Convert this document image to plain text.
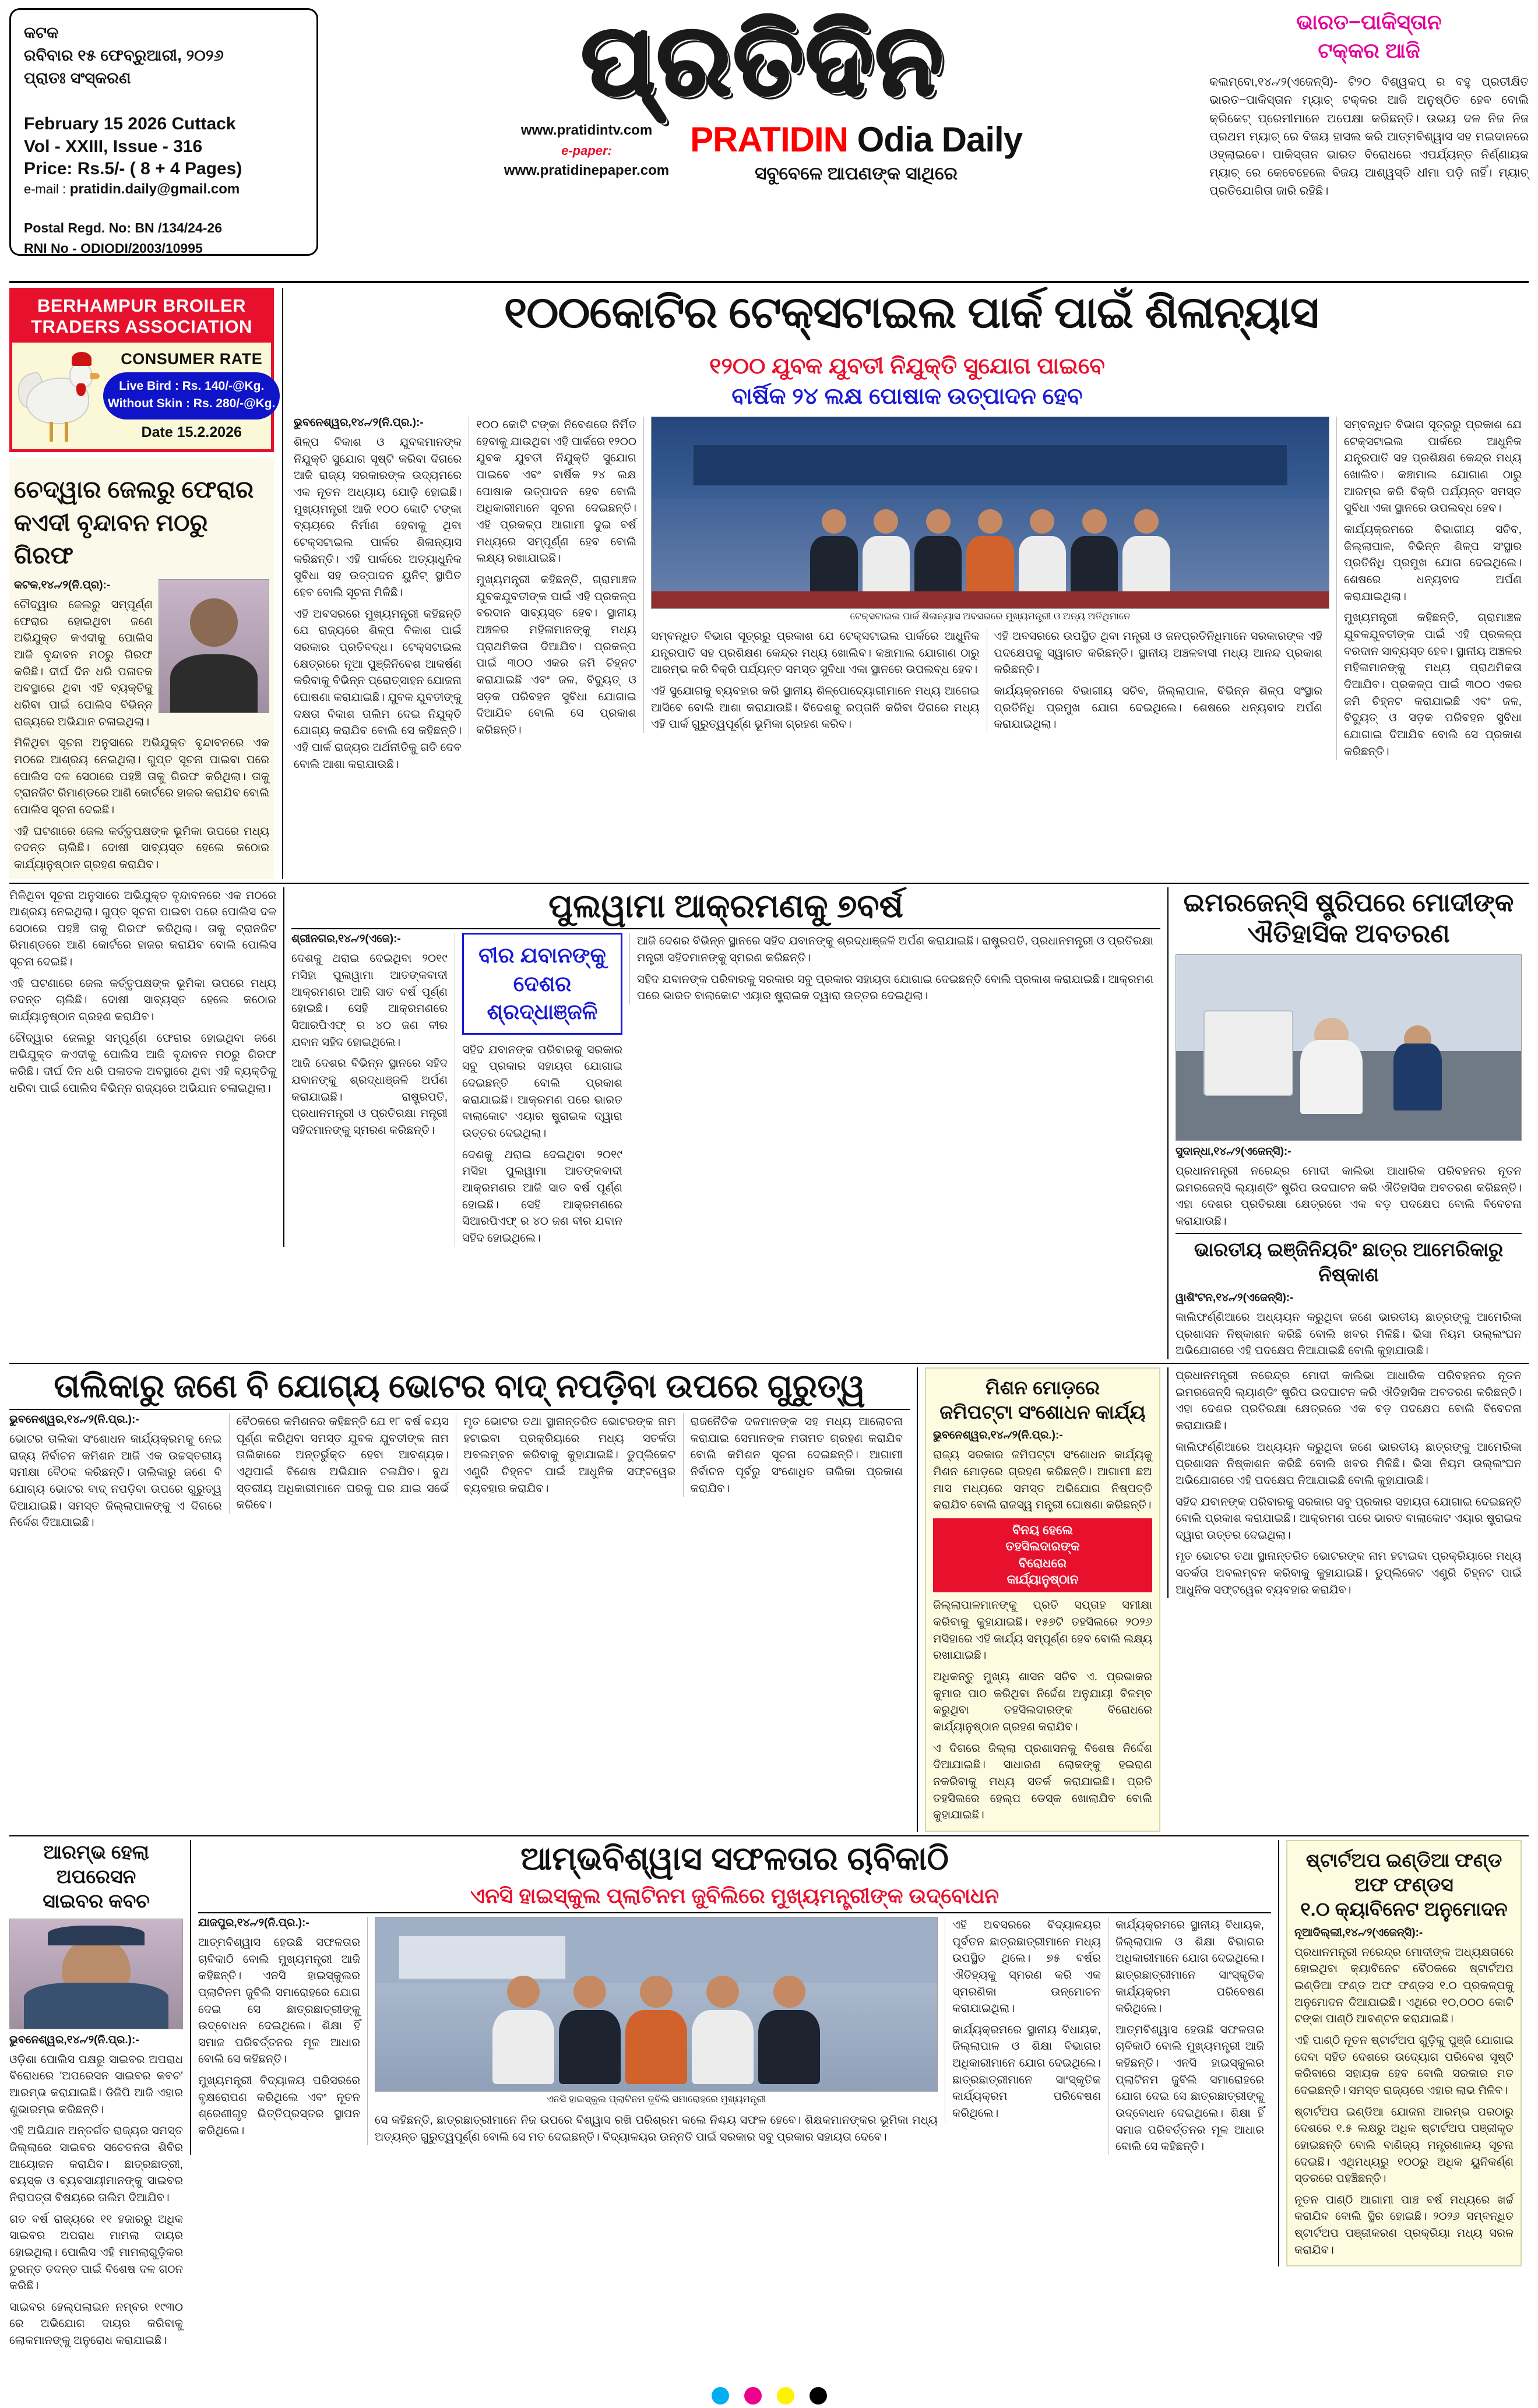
କଟକ
ରବିବାର ୧୫ ଫେବ୍ରୁଆରୀ, ୨୦୨୬
ପ୍ରାତଃ ସଂସ୍କରଣ
February 15 2026 Cuttack
Vol - XXIII, Issue - 316
Price: Rs.5/- ( 8 + 4 Pages)
e-mail : pratidin.daily@gmail.com
Postal Regd. No: BN /134/24-26
RNI No - ODIODI/2003/10995
ପ୍ରତିଦିନ
www.pratidintv.com
e-paper:
www.pratidinepaper.com
PRATIDIN Odia Daily
ସବୁବେଳେ ଆପଣଙ୍କ ସାଥିରେ
ଭାରତ−ପାକିସ୍ତାନ
ଟକ୍କର ଆଜି
କଲମ୍ବୋ,୧୪୷୨(ଏଜେନ୍ସି)- ଟି୨୦ ବିଶ୍ୱକପ୍ ର ବହୁ ପ୍ରତୀକ୍ଷିତ ଭାରତ−ପାକିସ୍ତାନ ମ୍ୟାଚ୍ ଟକ୍କର ଆଜି ଅନୁଷ୍ଠିତ ହେବ ବୋଲି କ୍ରିକେଟ୍ ପ୍ରେମୀମାନେ ଅପେକ୍ଷା କରିଛନ୍ତି। ଉଭୟ ଦଳ ନିଜ ନିଜ ପ୍ରଥମ ମ୍ୟାଚ୍ ରେ ବିଜୟ ହାସଲ କରି ଆତ୍ମବିଶ୍ୱାସ ସହ ମଇଦାନରେ ଓହ୍ଲାଇବେ। ପାକିସ୍ତାନ ଭାରତ ବିରୋଧରେ ଏପର୍ଯ୍ୟନ୍ତ ନିର୍ଣ୍ଣାୟକ ମ୍ୟାଚ୍ ରେ କେବେହେଲେ ବିଜୟ ଆଶ୍ୱସ୍ତି ଧୀମା ପଡ଼ି ନାହିଁ। ମ୍ୟାଚ୍ ପ୍ରତିଯୋଗିତା ଜାରି ରହିଛି।
BERHAMPUR BROILER
TRADERS ASSOCIATION
CONSUMER RATE
Live Bird : Rs. 140/-@Kg.
Without Skin : Rs. 280/-@Kg.
Date 15.2.2026
ଚେଦ୍ୱାର ଜେଲରୁ ଫେରାର କଏଦୀ ବୃନ୍ଦାବନ ମଠରୁ ଗିରଫ
କଟକ,୧୪୷୨(ନି.ପ୍ର):-
ଚୌଦ୍ୱାର ଜେଲରୁ ସମ୍ପୂର୍ଣ୍ଣ ଫେରାର ହୋଇଥିବା ଜଣେ ଅଭିଯୁକ୍ତ କଏଦୀକୁ ପୋଲିସ ଆଜି ବୃନ୍ଦାବନ ମଠରୁ ଗିରଫ କରିଛି। ଦୀର୍ଘ ଦିନ ଧରି ପଳାତକ ଅବସ୍ଥାରେ ଥିବା ଏହି ବ୍ୟକ୍ତିକୁ ଧରିବା ପାଇଁ ପୋଲିସ ବିଭିନ୍ନ ରାଜ୍ୟରେ ଅଭିଯାନ ଚଳାଇଥିଲା।
ମିଳିଥିବା ସୂଚନା ଅନୁସାରେ ଅଭିଯୁକ୍ତ ବୃନ୍ଦାବନରେ ଏକ ମଠରେ ଆଶ୍ରୟ ନେଇଥିଲା। ଗୁପ୍ତ ସୂଚନା ପାଇବା ପରେ ପୋଲିସ ଦଳ ସେଠାରେ ପହଞ୍ଚି ତାକୁ ଗିରଫ କରିଥିଲା। ତାକୁ ଟ୍ରାନଜିଟ ରିମାଣ୍ଡରେ ଆଣି କୋର୍ଟରେ ହାଜର କରାଯିବ ବୋଲି ପୋଲିସ ସୂଚନା ଦେଇଛି।
ଏହି ଘଟଣାରେ ଜେଲ କର୍ତ୍ତୃପକ୍ଷଙ୍କ ଭୂମିକା ଉପରେ ମଧ୍ୟ ତଦନ୍ତ ଚାଲିଛି। ଦୋଷୀ ସାବ୍ୟସ୍ତ ହେଲେ କଠୋର କାର୍ଯ୍ୟାନୁଷ୍ଠାନ ଗ୍ରହଣ କରାଯିବ।
୧୦୦କୋଟିର ଟେକ୍ସଟାଇଲ ପାର୍କ ପାଇଁ ଶିଳାନ୍ୟାସ
୧୨୦୦ ଯୁବକ ଯୁବତୀ ନିଯୁକ୍ତି ସୁଯୋଗ ପାଇବେ
ବାର୍ଷିକ ୨୪ ଲକ୍ଷ ପୋଷାକ ଉତ୍ପାଦନ ହେବ
ଭୁବନେଶ୍ୱର,୧୪୷୨(ନି.ପ୍ର.):-
ଶିଳ୍ପ ବିକାଶ ଓ ଯୁବକମାନଙ୍କ ନିଯୁକ୍ତି ସୁଯୋଗ ସୃଷ୍ଟି କରିବା ଦିଗରେ ଆଜି ରାଜ୍ୟ ସରକାରଙ୍କ ଉଦ୍ୟମରେ ଏକ ନୂତନ ଅଧ୍ୟାୟ ଯୋଡ଼ି ହୋଇଛି। ମୁଖ୍ୟମନ୍ତ୍ରୀ ଆଜି ୧୦୦ କୋଟି ଟଙ୍କା ବ୍ୟୟରେ ନିର୍ମାଣ ହେବାକୁ ଥିବା ଟେକ୍ସଟାଇଲ ପାର୍କର ଶିଳାନ୍ୟାସ କରିଛନ୍ତି। ଏହି ପାର୍କରେ ଅତ୍ୟାଧୁନିକ ସୁବିଧା ସହ ଉତ୍ପାଦନ ୟୁନିଟ୍ ସ୍ଥାପିତ ହେବ ବୋଲି ସୂଚନା ମିଳିଛି।
ଏହି ଅବସରରେ ମୁଖ୍ୟମନ୍ତ୍ରୀ କହିଛନ୍ତି ଯେ ରାଜ୍ୟରେ ଶିଳ୍ପ ବିକାଶ ପାଇଁ ସରକାର ପ୍ରତିବଦ୍ଧ। ଟେକ୍ସଟାଇଲ କ୍ଷେତ୍ରରେ ନୂଆ ପୁଞ୍ଜିନିବେଶ ଆକର୍ଷଣ କରିବାକୁ ବିଭିନ୍ନ ପ୍ରୋତ୍ସାହନ ଯୋଜନା ଘୋଷଣା କରାଯାଇଛି। ଯୁବକ ଯୁବତୀଙ୍କୁ ଦକ୍ଷତା ବିକାଶ ତାଲିମ ଦେଇ ନିଯୁକ୍ତି ଯୋଗ୍ୟ କରାଯିବ ବୋଲି ସେ କହିଛନ୍ତି। ଏହି ପାର୍କ ରାଜ୍ୟର ଅର୍ଥନୀତିକୁ ଗତି ଦେବ ବୋଲି ଆଶା କରାଯାଉଛି।
୧୦୦ କୋଟି ଟଙ୍କା ନିବେଶରେ ନିର୍ମିତ ହେବାକୁ ଯାଉଥିବା ଏହି ପାର୍କରେ ୧୨୦୦ ଯୁବକ ଯୁବତୀ ନିଯୁକ୍ତି ସୁଯୋଗ ପାଇବେ ଏବଂ ବାର୍ଷିକ ୨୪ ଲକ୍ଷ ପୋଷାକ ଉତ୍ପାଦନ ହେବ ବୋଲି ଅଧିକାରୀମାନେ ସୂଚନା ଦେଇଛନ୍ତି। ଏହି ପ୍ରକଳ୍ପ ଆଗାମୀ ଦୁଇ ବର୍ଷ ମଧ୍ୟରେ ସମ୍ପୂର୍ଣ୍ଣ ହେବ ବୋଲି ଲକ୍ଷ୍ୟ ରଖାଯାଇଛି।
ମୁଖ୍ୟମନ୍ତ୍ରୀ କହିଛନ୍ତି, ଗ୍ରାମାଞ୍ଚଳ ଯୁବକଯୁବତୀଙ୍କ ପାଇଁ ଏହି ପ୍ରକଳ୍ପ ବରଦାନ ସାବ୍ୟସ୍ତ ହେବ। ସ୍ଥାନୀୟ ଅଞ୍ଚଳର ମହିଳାମାନଙ୍କୁ ମଧ୍ୟ ପ୍ରାଥମିକତା ଦିଆଯିବ। ପ୍ରକଳ୍ପ ପାଇଁ ୩୦୦ ଏକର ଜମି ଚିହ୍ନଟ କରାଯାଇଛି ଏବଂ ଜଳ, ବିଦ୍ୟୁତ୍ ଓ ସଡ଼କ ପରିବହନ ସୁବିଧା ଯୋଗାଇ ଦିଆଯିବ ବୋଲି ସେ ପ୍ରକାଶ କରିଛନ୍ତି।
ଟେକ୍ସଟାଇଲ ପାର୍କ ଶିଳାନ୍ୟାସ ଅବସରରେ ମୁଖ୍ୟମନ୍ତ୍ରୀ ଓ ଅନ୍ୟ ଅତିଥିମାନେ
ସମ୍ବନ୍ଧିତ ବିଭାଗ ସୂତ୍ରରୁ ପ୍ରକାଶ ଯେ ଟେକ୍ସଟାଇଲ ପାର୍କରେ ଆଧୁନିକ ଯନ୍ତ୍ରପାତି ସହ ପ୍ରଶିକ୍ଷଣ କେନ୍ଦ୍ର ମଧ୍ୟ ଖୋଲିବ। କଞ୍ଚାମାଲ ଯୋଗାଣ ଠାରୁ ଆରମ୍ଭ କରି ବିକ୍ରି ପର୍ଯ୍ୟନ୍ତ ସମସ୍ତ ସୁବିଧା ଏକା ସ୍ଥାନରେ ଉପଲବ୍ଧ ହେବ।
ଏହି ସୁଯୋଗକୁ ବ୍ୟବହାର କରି ସ୍ଥାନୀୟ ଶିଳ୍ପୋଦ୍ୟୋଗୀମାନେ ମଧ୍ୟ ଆଗେଇ ଆସିବେ ବୋଲି ଆଶା କରାଯାଉଛି। ବିଦେଶକୁ ରପ୍ତାନି କରିବା ଦିଗରେ ମଧ୍ୟ ଏହି ପାର୍କ ଗୁରୁତ୍ୱପୂର୍ଣ୍ଣ ଭୂମିକା ଗ୍ରହଣ କରିବ।
ଏହି ଅବସରରେ ଉପସ୍ଥିତ ଥିବା ମନ୍ତ୍ରୀ ଓ ଜନପ୍ରତିନିଧିମାନେ ସରକାରଙ୍କ ଏହି ପଦକ୍ଷେପକୁ ସ୍ୱାଗତ କରିଛନ୍ତି। ସ୍ଥାନୀୟ ଅଞ୍ଚଳବାସୀ ମଧ୍ୟ ଆନନ୍ଦ ପ୍ରକାଶ କରିଛନ୍ତି।
କାର୍ଯ୍ୟକ୍ରମରେ ବିଭାଗୀୟ ସଚିବ, ଜିଲ୍ଲାପାଳ, ବିଭିନ୍ନ ଶିଳ୍ପ ସଂସ୍ଥାର ପ୍ରତିନିଧି ପ୍ରମୁଖ ଯୋଗ ଦେଇଥିଲେ। ଶେଷରେ ଧନ୍ୟବାଦ ଅର୍ପଣ କରାଯାଇଥିଲା।
ସମ୍ବନ୍ଧିତ ବିଭାଗ ସୂତ୍ରରୁ ପ୍ରକାଶ ଯେ ଟେକ୍ସଟାଇଲ ପାର୍କରେ ଆଧୁନିକ ଯନ୍ତ୍ରପାତି ସହ ପ୍ରଶିକ୍ଷଣ କେନ୍ଦ୍ର ମଧ୍ୟ ଖୋଲିବ। କଞ୍ଚାମାଲ ଯୋଗାଣ ଠାରୁ ଆରମ୍ଭ କରି ବିକ୍ରି ପର୍ଯ୍ୟନ୍ତ ସମସ୍ତ ସୁବିଧା ଏକା ସ୍ଥାନରେ ଉପଲବ୍ଧ ହେବ।
କାର୍ଯ୍ୟକ୍ରମରେ ବିଭାଗୀୟ ସଚିବ, ଜିଲ୍ଲାପାଳ, ବିଭିନ୍ନ ଶିଳ୍ପ ସଂସ୍ଥାର ପ୍ରତିନିଧି ପ୍ରମୁଖ ଯୋଗ ଦେଇଥିଲେ। ଶେଷରେ ଧନ୍ୟବାଦ ଅର୍ପଣ କରାଯାଇଥିଲା।
ମୁଖ୍ୟମନ୍ତ୍ରୀ କହିଛନ୍ତି, ଗ୍ରାମାଞ୍ଚଳ ଯୁବକଯୁବତୀଙ୍କ ପାଇଁ ଏହି ପ୍ରକଳ୍ପ ବରଦାନ ସାବ୍ୟସ୍ତ ହେବ। ସ୍ଥାନୀୟ ଅଞ୍ଚଳର ମହିଳାମାନଙ୍କୁ ମଧ୍ୟ ପ୍ରାଥମିକତା ଦିଆଯିବ। ପ୍ରକଳ୍ପ ପାଇଁ ୩୦୦ ଏକର ଜମି ଚିହ୍ନଟ କରାଯାଇଛି ଏବଂ ଜଳ, ବିଦ୍ୟୁତ୍ ଓ ସଡ଼କ ପରିବହନ ସୁବିଧା ଯୋଗାଇ ଦିଆଯିବ ବୋଲି ସେ ପ୍ରକାଶ କରିଛନ୍ତି।
ମିଳିଥିବା ସୂଚନା ଅନୁସାରେ ଅଭିଯୁକ୍ତ ବୃନ୍ଦାବନରେ ଏକ ମଠରେ ଆଶ୍ରୟ ନେଇଥିଲା। ଗୁପ୍ତ ସୂଚନା ପାଇବା ପରେ ପୋଲିସ ଦଳ ସେଠାରେ ପହଞ୍ଚି ତାକୁ ଗିରଫ କରିଥିଲା। ତାକୁ ଟ୍ରାନଜିଟ ରିମାଣ୍ଡରେ ଆଣି କୋର୍ଟରେ ହାଜର କରାଯିବ ବୋଲି ପୋଲିସ ସୂଚନା ଦେଇଛି।
ଏହି ଘଟଣାରେ ଜେଲ କର୍ତ୍ତୃପକ୍ଷଙ୍କ ଭୂମିକା ଉପରେ ମଧ୍ୟ ତଦନ୍ତ ଚାଲିଛି। ଦୋଷୀ ସାବ୍ୟସ୍ତ ହେଲେ କଠୋର କାର୍ଯ୍ୟାନୁଷ୍ଠାନ ଗ୍ରହଣ କରାଯିବ।
ଚୌଦ୍ୱାର ଜେଲରୁ ସମ୍ପୂର୍ଣ୍ଣ ଫେରାର ହୋଇଥିବା ଜଣେ ଅଭିଯୁକ୍ତ କଏଦୀକୁ ପୋଲିସ ଆଜି ବୃନ୍ଦାବନ ମଠରୁ ଗିରଫ କରିଛି। ଦୀର୍ଘ ଦିନ ଧରି ପଳାତକ ଅବସ୍ଥାରେ ଥିବା ଏହି ବ୍ୟକ୍ତିକୁ ଧରିବା ପାଇଁ ପୋଲିସ ବିଭିନ୍ନ ରାଜ୍ୟରେ ଅଭିଯାନ ଚଳାଇଥିଲା।
ପୁଲୱାମା ଆକ୍ରମଣକୁ ୭ବର୍ଷ
ଶ୍ରୀନଗର,୧୪୷୨(ଏଜେ):-
ଦେଶକୁ ଥରାଇ ଦେଇଥିବା ୨୦୧୯ ମସିହା ପୁଲୱାମା ଆତଙ୍କବାଦୀ ଆକ୍ରମଣର ଆଜି ସାତ ବର୍ଷ ପୂର୍ଣ୍ଣ ହୋଇଛି। ସେହି ଆକ୍ରମଣରେ ସିଆରପିଏଫ୍ ର ୪୦ ଜଣ ବୀର ଯବାନ ସହିଦ ହୋଇଥିଲେ।
ଆଜି ଦେଶର ବିଭିନ୍ନ ସ୍ଥାନରେ ସହିଦ ଯବାନଙ୍କୁ ଶ୍ରଦ୍ଧାଞ୍ଜଳି ଅର୍ପଣ କରାଯାଇଛି। ରାଷ୍ଟ୍ରପତି, ପ୍ରଧାନମନ୍ତ୍ରୀ ଓ ପ୍ରତିରକ୍ଷା ମନ୍ତ୍ରୀ ସହିଦମାନଙ୍କୁ ସ୍ମରଣ କରିଛନ୍ତି।
ବୀର ଯବାନଙ୍କୁ
ଦେଶର ଶ୍ରଦ୍ଧାଞ୍ଜଳି
ସହିଦ ଯବାନଙ୍କ ପରିବାରକୁ ସରକାର ସବୁ ପ୍ରକାର ସହାୟତା ଯୋଗାଇ ଦେଇଛନ୍ତି ବୋଲି ପ୍ରକାଶ କରାଯାଇଛି। ଆକ୍ରମଣ ପରେ ଭାରତ ବାଲାକୋଟ ଏୟାର ଷ୍ଟ୍ରାଇକ ଦ୍ୱାରା ଉତ୍ତର ଦେଇଥିଲା।
ଦେଶକୁ ଥରାଇ ଦେଇଥିବା ୨୦୧୯ ମସିହା ପୁଲୱାମା ଆତଙ୍କବାଦୀ ଆକ୍ରମଣର ଆଜି ସାତ ବର୍ଷ ପୂର୍ଣ୍ଣ ହୋଇଛି। ସେହି ଆକ୍ରମଣରେ ସିଆରପିଏଫ୍ ର ୪୦ ଜଣ ବୀର ଯବାନ ସହିଦ ହୋଇଥିଲେ।
ଆଜି ଦେଶର ବିଭିନ୍ନ ସ୍ଥାନରେ ସହିଦ ଯବାନଙ୍କୁ ଶ୍ରଦ୍ଧାଞ୍ଜଳି ଅର୍ପଣ କରାଯାଇଛି। ରାଷ୍ଟ୍ରପତି, ପ୍ରଧାନମନ୍ତ୍ରୀ ଓ ପ୍ରତିରକ୍ଷା ମନ୍ତ୍ରୀ ସହିଦମାନଙ୍କୁ ସ୍ମରଣ କରିଛନ୍ତି।
ସହିଦ ଯବାନଙ୍କ ପରିବାରକୁ ସରକାର ସବୁ ପ୍ରକାର ସହାୟତା ଯୋଗାଇ ଦେଇଛନ୍ତି ବୋଲି ପ୍ରକାଶ କରାଯାଇଛି। ଆକ୍ରମଣ ପରେ ଭାରତ ବାଲାକୋଟ ଏୟାର ଷ୍ଟ୍ରାଇକ ଦ୍ୱାରା ଉତ୍ତର ଦେଇଥିଲା।
ଇମରଜେନ୍ସି ଷ୍ଟ୍ରିପରେ ମୋଦୀଙ୍କ ଐତିହାସିକ ଅବତରଣ
ସୁଦାନ୍ଧା,୧୪୷୨(ଏଜେନ୍ସି):-
ପ୍ରଧାନମନ୍ତ୍ରୀ ନରେନ୍ଦ୍ର ମୋଦୀ କାଲିଭା ଆଧାରିକ ପରିବହନର ନୂତନ ଇମରଜେନ୍ସି ଲ୍ୟାଣ୍ଡିଂ ଷ୍ଟ୍ରିପ ଉଦଘାଟନ କରି ଐତିହାସିକ ଅବତରଣ କରିଛନ୍ତି। ଏହା ଦେଶର ପ୍ରତିରକ୍ଷା କ୍ଷେତ୍ରରେ ଏକ ବଡ଼ ପଦକ୍ଷେପ ବୋଲି ବିବେଚନା କରାଯାଉଛି।
ଭାରତୀୟ ଇଞ୍ଜିନିୟରିଂ ଛାତ୍ର ଆମେରିକାରୁ ନିଷ୍କାଶ
ୱାଶିଂଟନ,୧୪୷୨(ଏଜେନ୍ସି):-
କାଲିଫର୍ଣ୍ଣିଆରେ ଅଧ୍ୟୟନ କରୁଥିବା ଜଣେ ଭାରତୀୟ ଛାତ୍ରଙ୍କୁ ଆମେରିକା ପ୍ରଶାସନ ନିଷ୍କାଶନ କରିଛି ବୋଲି ଖବର ମିଳିଛି। ଭିସା ନିୟମ ଉଲ୍ଲଂଘନ ଅଭିଯୋଗରେ ଏହି ପଦକ୍ଷେପ ନିଆଯାଇଛି ବୋଲି କୁହାଯାଉଛି।
ତାଲିକାରୁ ଜଣେ ବି ଯୋଗ୍ୟ ଭୋଟର ବାଦ୍ ନପଡ଼ିବା ଉପରେ ଗୁରୁତ୍ୱ
ଭୁବନେଶ୍ୱର,୧୪୷୨(ନି.ପ୍ର.):-
ଭୋଟର ତାଲିକା ସଂଶୋଧନ କାର୍ଯ୍ୟକ୍ରମକୁ ନେଇ ରାଜ୍ୟ ନିର୍ବାଚନ କମିଶନ ଆଜି ଏକ ଉଚ୍ଚସ୍ତରୀୟ ସମୀକ୍ଷା ବୈଠକ କରିଛନ୍ତି। ତାଲିକାରୁ ଜଣେ ବି ଯୋଗ୍ୟ ଭୋଟର ବାଦ୍ ନପଡ଼ିବା ଉପରେ ଗୁରୁତ୍ୱ ଦିଆଯାଇଛି। ସମସ୍ତ ଜିଲ୍ଲାପାଳଙ୍କୁ ଏ ଦିଗରେ ନିର୍ଦ୍ଦେଶ ଦିଆଯାଇଛି।
ବୈଠକରେ କମିଶନର କହିଛନ୍ତି ଯେ ୧୮ ବର୍ଷ ବୟସ ପୂର୍ଣ୍ଣ କରିଥିବା ସମସ୍ତ ଯୁବକ ଯୁବତୀଙ୍କ ନାମ ତାଲିକାରେ ଅନ୍ତର୍ଭୁକ୍ତ ହେବା ଆବଶ୍ୟକ। ଏଥିପାଇଁ ବିଶେଷ ଅଭିଯାନ ଚଳାଯିବ। ବୁଥ ସ୍ତରୀୟ ଅଧିକାରୀମାନେ ଘରକୁ ଘର ଯାଇ ସର୍ଭେ କରିବେ।
ମୃତ ଭୋଟର ତଥା ସ୍ଥାନାନ୍ତରିତ ଭୋଟରଙ୍କ ନାମ ହଟାଇବା ପ୍ରକ୍ରିୟାରେ ମଧ୍ୟ ସତର୍କତା ଅବଲମ୍ବନ କରିବାକୁ କୁହାଯାଇଛି। ଡୁପ୍ଲିକେଟ ଏଣ୍ଟ୍ରି ଚିହ୍ନଟ ପାଇଁ ଆଧୁନିକ ସଫ୍ଟୱେର ବ୍ୟବହାର କରାଯିବ।
ରାଜନୈତିକ ଦଳମାନଙ୍କ ସହ ମଧ୍ୟ ଆଲୋଚନା କରାଯାଇ ସେମାନଙ୍କ ମତାମତ ଗ୍ରହଣ କରାଯିବ ବୋଲି କମିଶନ ସୂଚନା ଦେଇଛନ୍ତି। ଆଗାମୀ ନିର୍ବାଚନ ପୂର୍ବରୁ ସଂଶୋଧିତ ତାଲିକା ପ୍ରକାଶ କରାଯିବ।
ମିଶନ ମୋଡ଼ରେ
ଜମିପଟ୍ଟା ସଂଶୋଧନ କାର୍ଯ୍ୟ
ଭୁବନେଶ୍ୱର,୧୪୷୨(ନି.ପ୍ର.):-
ରାଜ୍ୟ ସରକାର ଜମିପଟ୍ଟା ସଂଶୋଧନ କାର୍ଯ୍ୟକୁ ମିଶନ ମୋଡ଼ରେ ଗ୍ରହଣ କରିଛନ୍ତି। ଆଗାମୀ ଛଅ ମାସ ମଧ୍ୟରେ ସମସ୍ତ ଅଭିଯୋଗ ନିଷ୍ପତ୍ତି କରାଯିବ ବୋଲି ରାଜସ୍ୱ ମନ୍ତ୍ରୀ ଘୋଷଣା କରିଛନ୍ତି।
ବିନୟ ହେଲେ
ତହସିଲଦାରଙ୍କ
ବିରୋଧରେ
କାର୍ଯ୍ୟାନୁଷ୍ଠାନ
ଜିଲ୍ଲାପାଳମାନଙ୍କୁ ପ୍ରତି ସପ୍ତାହ ସମୀକ୍ଷା କରିବାକୁ କୁହାଯାଇଛି। ୧୫୭ଟି ତହସିଲରେ ୨୦୨୬ ମସିହାରେ ଏହି କାର୍ଯ୍ୟ ସମ୍ପୂର୍ଣ୍ଣ ହେବ ବୋଲି ଲକ୍ଷ୍ୟ ରଖାଯାଇଛି।
ଅଧିକନ୍ତୁ ମୁଖ୍ୟ ଶାସନ ସଚିବ ଏ. ପ୍ରଭାକର କୁମାର ପାଠ କରିଥିବା ନିର୍ଦ୍ଦେଶ ଅନୁଯାୟୀ ବିଳମ୍ବ କରୁଥିବା ତହସିଲଦାରଙ୍କ ବିରୋଧରେ କାର୍ଯ୍ୟାନୁଷ୍ଠାନ ଗ୍ରହଣ କରାଯିବ।
ଏ ଦିଗରେ ଜିଲ୍ଲା ପ୍ରଶାସନକୁ ବିଶେଷ ନିର୍ଦ୍ଦେଶ ଦିଆଯାଇଛି। ସାଧାରଣ ଲୋକଙ୍କୁ ହଇରାଣ ନକରିବାକୁ ମଧ୍ୟ ସତର୍କ କରାଯାଇଛି। ପ୍ରତି ତହସିଲରେ ହେଲ୍ପ ଡେସ୍କ ଖୋଲାଯିବ ବୋଲି କୁହାଯାଇଛି।
ପ୍ରଧାନମନ୍ତ୍ରୀ ନରେନ୍ଦ୍ର ମୋଦୀ କାଲିଭା ଆଧାରିକ ପରିବହନର ନୂତନ ଇମରଜେନ୍ସି ଲ୍ୟାଣ୍ଡିଂ ଷ୍ଟ୍ରିପ ଉଦଘାଟନ କରି ଐତିହାସିକ ଅବତରଣ କରିଛନ୍ତି। ଏହା ଦେଶର ପ୍ରତିରକ୍ଷା କ୍ଷେତ୍ରରେ ଏକ ବଡ଼ ପଦକ୍ଷେପ ବୋଲି ବିବେଚନା କରାଯାଉଛି।
କାଲିଫର୍ଣ୍ଣିଆରେ ଅଧ୍ୟୟନ କରୁଥିବା ଜଣେ ଭାରତୀୟ ଛାତ୍ରଙ୍କୁ ଆମେରିକା ପ୍ରଶାସନ ନିଷ୍କାଶନ କରିଛି ବୋଲି ଖବର ମିଳିଛି। ଭିସା ନିୟମ ଉଲ୍ଲଂଘନ ଅଭିଯୋଗରେ ଏହି ପଦକ୍ଷେପ ନିଆଯାଇଛି ବୋଲି କୁହାଯାଉଛି।
ସହିଦ ଯବାନଙ୍କ ପରିବାରକୁ ସରକାର ସବୁ ପ୍ରକାର ସହାୟତା ଯୋଗାଇ ଦେଇଛନ୍ତି ବୋଲି ପ୍ରକାଶ କରାଯାଇଛି। ଆକ୍ରମଣ ପରେ ଭାରତ ବାଲାକୋଟ ଏୟାର ଷ୍ଟ୍ରାଇକ ଦ୍ୱାରା ଉତ୍ତର ଦେଇଥିଲା।
ମୃତ ଭୋଟର ତଥା ସ୍ଥାନାନ୍ତରିତ ଭୋଟରଙ୍କ ନାମ ହଟାଇବା ପ୍ରକ୍ରିୟାରେ ମଧ୍ୟ ସତର୍କତା ଅବଲମ୍ବନ କରିବାକୁ କୁହାଯାଇଛି। ଡୁପ୍ଲିକେଟ ଏଣ୍ଟ୍ରି ଚିହ୍ନଟ ପାଇଁ ଆଧୁନିକ ସଫ୍ଟୱେର ବ୍ୟବହାର କରାଯିବ।
ଆରମ୍ଭ ହେଲା
ଅପରେସନ
ସାଇବର କବଚ
ଭୁବନେଶ୍ୱର,୧୪୷୨(ନି.ପ୍ର.):-
ଓଡ଼ିଶା ପୋଲିସ ପକ୍ଷରୁ ସାଇବର ଅପରାଧ ବିରୋଧରେ 'ଅପରେସନ ସାଇବର କବଚ' ଆରମ୍ଭ କରାଯାଇଛି। ଡିଜିପି ଆଜି ଏହାର ଶୁଭାରମ୍ଭ କରିଛନ୍ତି।
ଏହି ଅଭିଯାନ ଅନ୍ତର୍ଗତ ରାଜ୍ୟର ସମସ୍ତ ଜିଲ୍ଲାରେ ସାଇବର ସଚେତନତା ଶିବିର ଆୟୋଜନ କରାଯିବ। ଛାତ୍ରଛାତ୍ରୀ, ବୟସ୍କ ଓ ବ୍ୟବସାୟୀମାନଙ୍କୁ ସାଇବର ନିରାପତ୍ତା ବିଷୟରେ ତାଲିମ ଦିଆଯିବ।
ଗତ ବର୍ଷ ରାଜ୍ୟରେ ୧୧ ହଜାରରୁ ଅଧିକ ସାଇବର ଅପରାଧ ମାମଲା ଦାୟର ହୋଇଥିଲା। ପୋଲିସ ଏହି ମାମଲାଗୁଡ଼ିକର ତୁରନ୍ତ ତଦନ୍ତ ପାଇଁ ବିଶେଷ ଦଳ ଗଠନ କରିଛି।
ସାଇବର ହେଲ୍ପଲାଇନ ନମ୍ବର ୧୯୩୦ ରେ ଅଭିଯୋଗ ଦାୟର କରିବାକୁ ଲୋକମାନଙ୍କୁ ଅନୁରୋଧ କରାଯାଇଛି।
ଆମ୍ଭବିଶ୍ୱାସ ସଫଳତାର ଚାବିକାଠି
ଏନସି ହାଇସ୍କୁଲ ପ୍ଲାଟିନମ ଜୁବିଲିରେ ମୁଖ୍ୟମନ୍ତ୍ରୀଙ୍କ ଉଦ୍ବୋଧନ
ଯାଜପୁର,୧୪୷୨(ନି.ପ୍ର.):-
ଆତ୍ମବିଶ୍ୱାସ ହେଉଛି ସଫଳତାର ଚାବିକାଠି ବୋଲି ମୁଖ୍ୟମନ୍ତ୍ରୀ ଆଜି କହିଛନ୍ତି। ଏନସି ହାଇସ୍କୁଲର ପ୍ଲାଟିନମ ଜୁବିଲି ସମାରୋହରେ ଯୋଗ ଦେଇ ସେ ଛାତ୍ରଛାତ୍ରୀଙ୍କୁ ଉଦ୍ବୋଧନ ଦେଇଥିଲେ। ଶିକ୍ଷା ହିଁ ସମାଜ ପରିବର୍ତ୍ତନର ମୂଳ ଆଧାର ବୋଲି ସେ କହିଛନ୍ତି।
ମୁଖ୍ୟମନ୍ତ୍ରୀ ବିଦ୍ୟାଳୟ ପରିସରରେ ବୃକ୍ଷରୋପଣ କରିଥିଲେ ଏବଂ ନୂତନ ଶ୍ରେଣୀଗୃହ ଭିତ୍ତିପ୍ରସ୍ତର ସ୍ଥାପନ କରିଥିଲେ।
ଏନସି ହାଇସ୍କୁଲ ପ୍ଲାଟିନମ ଜୁବିଲି ସମାରୋହରେ ମୁଖ୍ୟମନ୍ତ୍ରୀ
ସେ କହିଛନ୍ତି, ଛାତ୍ରଛାତ୍ରୀମାନେ ନିଜ ଉପରେ ବିଶ୍ୱାସ ରଖି ପରିଶ୍ରମ କଲେ ନିଶ୍ଚୟ ସଫଳ ହେବେ। ଶିକ୍ଷକମାନଙ୍କର ଭୂମିକା ମଧ୍ୟ ଅତ୍ୟନ୍ତ ଗୁରୁତ୍ୱପୂର୍ଣ୍ଣ ବୋଲି ସେ ମତ ଦେଇଛନ୍ତି। ବିଦ୍ୟାଳୟର ଉନ୍ନତି ପାଇଁ ସରକାର ସବୁ ପ୍ରକାର ସହାୟତା ଦେବେ।
ଏହି ଅବସରରେ ବିଦ୍ୟାଳୟର ପୂର୍ବତନ ଛାତ୍ରଛାତ୍ରୀମାନେ ମଧ୍ୟ ଉପସ୍ଥିତ ଥିଲେ। ୭୫ ବର୍ଷର ଐତିହ୍ୟକୁ ସ୍ମରଣ କରି ଏକ ସ୍ମରଣିକା ଉନ୍ମୋଚନ କରାଯାଇଥିଲା।
କାର୍ଯ୍ୟକ୍ରମରେ ସ୍ଥାନୀୟ ବିଧାୟକ, ଜିଲ୍ଲାପାଳ ଓ ଶିକ୍ଷା ବିଭାଗର ଅଧିକାରୀମାନେ ଯୋଗ ଦେଇଥିଲେ। ଛାତ୍ରଛାତ୍ରୀମାନେ ସାଂସ୍କୃତିକ କାର୍ଯ୍ୟକ୍ରମ ପରିବେଷଣ କରିଥିଲେ।
କାର୍ଯ୍ୟକ୍ରମରେ ସ୍ଥାନୀୟ ବିଧାୟକ, ଜିଲ୍ଲାପାଳ ଓ ଶିକ୍ଷା ବିଭାଗର ଅଧିକାରୀମାନେ ଯୋଗ ଦେଇଥିଲେ। ଛାତ୍ରଛାତ୍ରୀମାନେ ସାଂସ୍କୃତିକ କାର୍ଯ୍ୟକ୍ରମ ପରିବେଷଣ କରିଥିଲେ।
ଆତ୍ମବିଶ୍ୱାସ ହେଉଛି ସଫଳତାର ଚାବିକାଠି ବୋଲି ମୁଖ୍ୟମନ୍ତ୍ରୀ ଆଜି କହିଛନ୍ତି। ଏନସି ହାଇସ୍କୁଲର ପ୍ଲାଟିନମ ଜୁବିଲି ସମାରୋହରେ ଯୋଗ ଦେଇ ସେ ଛାତ୍ରଛାତ୍ରୀଙ୍କୁ ଉଦ୍ବୋଧନ ଦେଇଥିଲେ। ଶିକ୍ଷା ହିଁ ସମାଜ ପରିବର୍ତ୍ତନର ମୂଳ ଆଧାର ବୋଲି ସେ କହିଛନ୍ତି।
ଷ୍ଟାର୍ଟଅପ ଇଣ୍ଡିଆ ଫଣ୍ଡ ଅଫ ଫଣ୍ଡସ
୧.୦ କ୍ୟାବିନେଟ ଅନୁମୋଦନ
ନୂଆଦିଲ୍ଲୀ,୧୪୷୨(ଏଜେନ୍ସି):-
ପ୍ରଧାନମନ୍ତ୍ରୀ ନରେନ୍ଦ୍ର ମୋଦୀଙ୍କ ଅଧ୍ୟକ୍ଷତାରେ ହୋଇଥିବା କ୍ୟାବିନେଟ ବୈଠକରେ ଷ୍ଟାର୍ଟଅପ ଇଣ୍ଡିଆ ଫଣ୍ଡ ଅଫ ଫଣ୍ଡସ ୧.୦ ପ୍ରକଳ୍ପକୁ ଅନୁମୋଦନ ଦିଆଯାଇଛି। ଏଥିରେ ୧୦,୦୦୦ କୋଟି ଟଙ୍କା ପାଣ୍ଠି ଆବଣ୍ଟନ କରାଯାଇଛି।
ଏହି ପାଣ୍ଠି ନୂତନ ଷ୍ଟାର୍ଟଅପ ଗୁଡ଼ିକୁ ପୁଞ୍ଜି ଯୋଗାଇ ଦେବା ସହିତ ଦେଶରେ ଉଦ୍ୟୋଗ ପରିବେଶ ସୃଷ୍ଟି କରିବାରେ ସହାୟକ ହେବ ବୋଲି ସରକାର ମତ ଦେଇଛନ୍ତି। ସମସ୍ତ ରାଜ୍ୟରେ ଏହାର ଲାଭ ମିଳିବ।
ଷ୍ଟାର୍ଟଅପ ଇଣ୍ଡିଆ ଯୋଜନା ଆରମ୍ଭ ପରଠାରୁ ଦେଶରେ ୧.୫ ଲକ୍ଷରୁ ଅଧିକ ଷ୍ଟାର୍ଟଅପ ପଞ୍ଜୀକୃତ ହୋଇଛନ୍ତି ବୋଲି ବାଣିଜ୍ୟ ମନ୍ତ୍ରଣାଳୟ ସୂଚନା ଦେଇଛି। ଏଥିମଧ୍ୟରୁ ୧୦୦ରୁ ଅଧିକ ୟୁନିକର୍ଣ୍ଣ ସ୍ତରରେ ପହଞ୍ଚିଛନ୍ତି।
ନୂତନ ପାଣ୍ଠି ଆଗାମୀ ପାଞ୍ଚ ବର୍ଷ ମଧ୍ୟରେ ଖର୍ଚ୍ଚ କରାଯିବ ବୋଲି ସ୍ଥିର ହୋଇଛି। ୨୦୨୬ ସମ୍ବନ୍ଧିତ ଷ୍ଟାର୍ଟଅପ ପଞ୍ଜୀକରଣ ପ୍ରକ୍ରିୟା ମଧ୍ୟ ସରଳ କରାଯିବ।
